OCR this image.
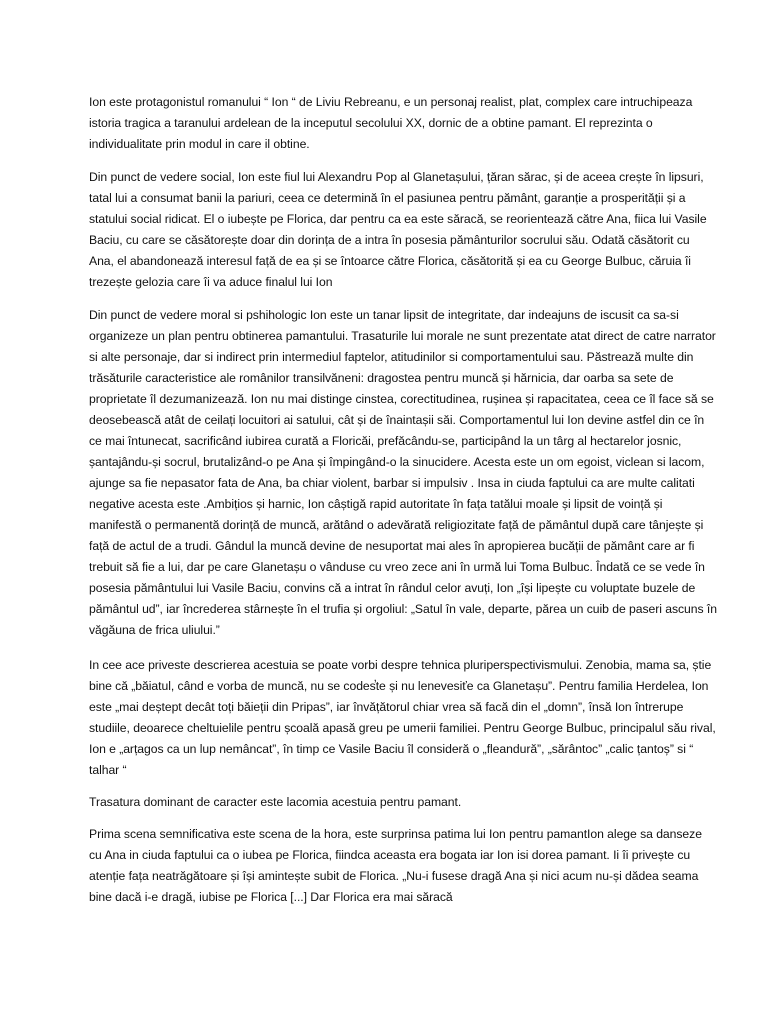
Ion este protagonistul romanului “ Ion “ de Liviu Rebreanu, e un personaj realist, plat, complex care intruchipeaza istoria tragica a taranului ardelean de la inceputul secolului XX, dornic de a obtine pamant. El reprezinta o individualitate prin modul in care il obtine.

Din punct de vedere social, Ion este fiul lui Alexandru Pop al Glanetașului, țăran sărac, și de aceea crește în lipsuri, tatal lui a consumat banii la pariuri, ceea ce determină în el pasiunea pentru pământ, garanție a prosperității și a statului social ridicat. El o iubește pe Florica, dar pentru ca ea este săracă, se reorientează către Ana, fiica lui Vasile Baciu, cu care se căsătorește doar din dorința de a intra în posesia pământurilor socrului său. Odată căsătorit cu Ana, el abandonează interesul față de ea și se întoarce către Florica, căsătorită și ea cu George Bulbuc, căruia îi trezește gelozia care îi va aduce finalul lui Ion

Din punct de vedere moral si pshihologic Ion este un tanar lipsit de integritate, dar indeajuns de iscusit ca sa-si organizeze un plan pentru obtinerea pamantului. Trasaturile lui morale ne sunt prezentate atat direct de catre narrator si alte personaje, dar si indirect prin intermediul faptelor, atitudinilor si comportamentului sau. Păstrează multe din trăsăturile caracteristice ale românilor transilvăneni: dragostea pentru muncă și hărnicia, dar oarba sa sete de proprietate îl dezumanizează. Ion nu mai distinge cinstea, corectitudinea, rușinea și rapacitatea, ceea ce îl face să se deosebească atât de ceilați locuitori ai satului, cât și de înaintașii săi. Comportamentul lui Ion devine astfel din ce în ce mai întunecat, sacrificând iubirea curată a Floricăi, prefăcându-se, participând la un târg al hectarelor josnic, șantajându-și socrul, brutalizând-o pe Ana și împingând-o la sinucidere. Acesta este un om egoist, viclean si lacom, ajunge sa fie nepasator fata de Ana, ba chiar violent, barbar si impulsiv . Insa in ciuda faptului ca are multe calitati negative acesta este .Ambițios și harnic, Ion câștigă rapid autoritate în fața tatălui moale și lipsit de voință și manifestă o permanentă dorință de muncă, arătând o adevărată religiozitate față de pământul după care tânjește și față de actul de a trudi. Gândul la muncă devine de nesuportat mai ales în apropierea bucății de pământ care ar fi trebuit să fie a lui, dar pe care Glanetașu o vânduse cu vreo zece ani în urmă lui Toma Bulbuc. Îndată ce se vede în posesia pământului lui Vasile Baciu, convins că a intrat în rândul celor avuți, Ion „își lipește cu voluptate buzele de pământul ud”, iar încrederea stârnește în el trufia și orgoliul: „Satul în vale, departe, părea un cuib de paseri ascuns în văgăuna de frica uliului.”

In cee ace priveste descrierea acestuia se poate vorbi despre tehnica pluriperspectivismului. Zenobia, mama sa, știe bine că „băiatul, când e vorba de muncă, nu se codes̕te și nu lenevesiťe ca Glanetașu”. Pentru familia Herdelea, Ion este „mai deștept decât toți băieții din Pripas”, iar învățătorul chiar vrea să facă din el „domn”, însă Ion întrerupe studiile, deoarece cheltuielile pentru școală apasă greu pe umerii familiei. Pentru George Bulbuc, principalul său rival, Ion e „arțagos ca un lup nemâncat”, în timp ce Vasile Baciu îl consideră o „fleandură”, „sărântoc” „calic țantoș” si “ talhar “

Trasatura dominant de caracter este lacomia acestuia pentru pamant.

Prima scena semnificativa este scena de la hora, este surprinsa patima lui Ion pentru pamantIon alege sa danseze cu Ana in ciuda faptului ca o iubea pe Florica, fiindca aceasta era bogata iar Ion isi dorea pamant. Ii îi privește cu atenție fața neatrăgătoare și își amintește subit de Florica. „Nu-i fusese dragă Ana și nici acum nu-și dădea seama bine dacă i-e dragă, iubise pe Florica [...] Dar Florica era mai săracă
